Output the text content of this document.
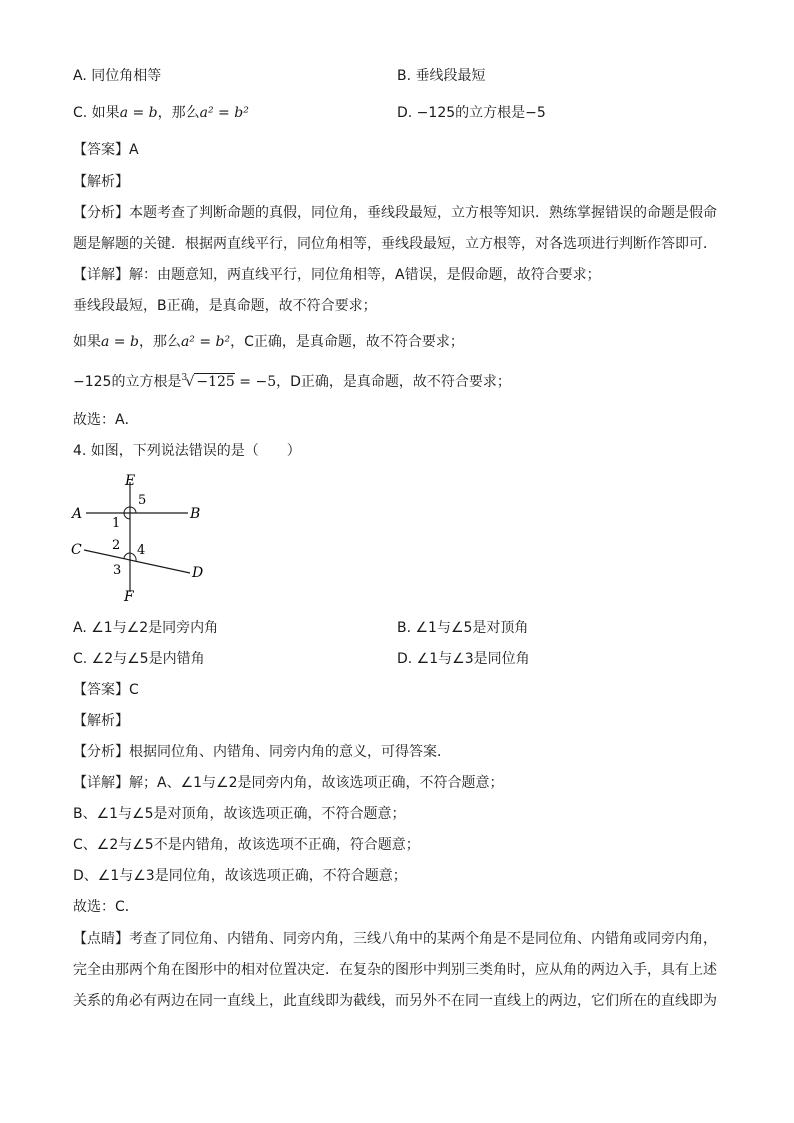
A. 同位角相等	B. 垂线段最短
C. 如果a = b，那么a² = b²	D. −125的立方根是−5
【答案】A
【解析】
【分析】本题考查了判断命题的真假，同位角，垂线段最短，立方根等知识．熟练掌握错误的命题是假命
题是解题的关键．根据两直线平行，同位角相等，垂线段最短，立方根等，对各选项进行判断作答即可．
【详解】解：由题意知，两直线平行，同位角相等，A错误，是假命题，故符合要求；
垂线段最短，B正确，是真命题，故不符合要求；
如果a = b，那么a² = b²，C正确，是真命题，故不符合要求；
−125的立方根是 3
√ −125 = −5，D正确，是真命题，故不符合要求；
故选：A．
4. 如图，下列说法错误的是（　　）
E
A	B
C
D
F
5
1
2 4
3
A. ∠1与∠2是同旁内角	B. ∠1与∠5是对顶角
C. ∠2与∠5是内错角	D. ∠1与∠3是同位角
【答案】C
【解析】
【分析】根据同位角、内错角、同旁内角的意义，可得答案．
【详解】解；A、∠1与∠2是同旁内角，故该选项正确，不符合题意；
B、∠1与∠5是对顶角，故该选项正确，不符合题意；
C、∠2与∠5不是内错角，故该选项不正确，符合题意；
D、∠1与∠3是同位角，故该选项正确，不符合题意；
故选：C．
【点睛】考查了同位角、内错角、同旁内角，三线八角中的某两个角是不是同位角、内错角或同旁内角，
完全由那两个角在图形中的相对位置决定．在复杂的图形中判别三类角时，应从角的两边入手，具有上述
关系的角必有两边在同一直线上，此直线即为截线，而另外不在同一直线上的两边，它们所在的直线即为
